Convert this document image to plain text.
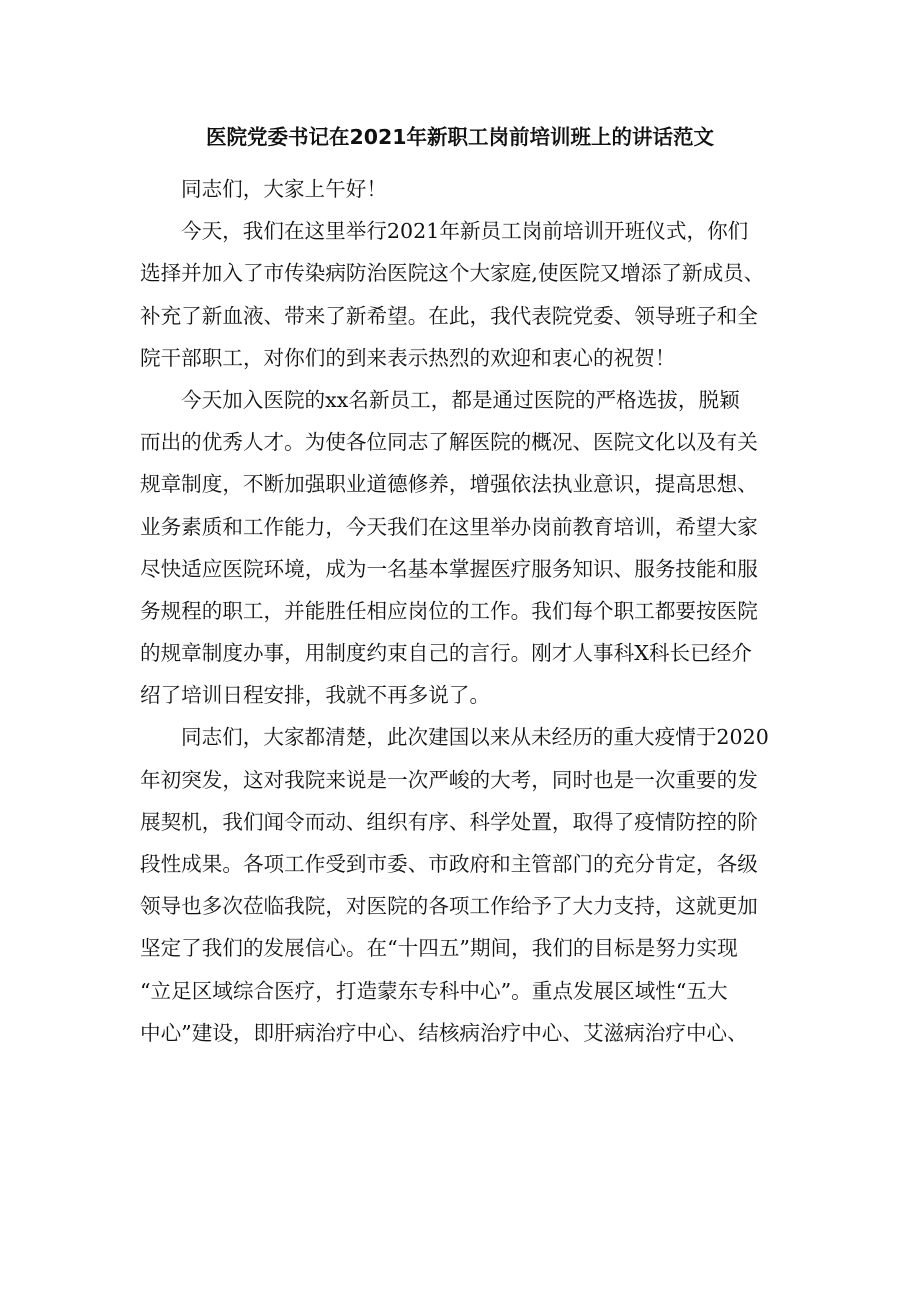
医院党委书记在2021年新职工岗前培训班上的讲话范文

同志们，大家上午好！

今天，我们在这里举行2021年新员工岗前培训开班仪式，你们
选择并加入了市传染病防治医院这个大家庭,使医院又增添了新成员、
补充了新血液、带来了新希望。在此，我代表院党委、领导班子和全
院干部职工，对你们的到来表示热烈的欢迎和衷心的祝贺！

今天加入医院的xx名新员工，都是通过医院的严格选拔，脱颖
而出的优秀人才。为使各位同志了解医院的概况、医院文化以及有关
规章制度，不断加强职业道德修养，增强依法执业意识，提高思想、
业务素质和工作能力，今天我们在这里举办岗前教育培训，希望大家
尽快适应医院环境，成为一名基本掌握医疗服务知识、服务技能和服
务规程的职工，并能胜任相应岗位的工作。我们每个职工都要按医院
的规章制度办事，用制度约束自己的言行。刚才人事科X科长已经介
绍了培训日程安排，我就不再多说了。

同志们，大家都清楚，此次建国以来从未经历的重大疫情于2020
年初突发，这对我院来说是一次严峻的大考，同时也是一次重要的发
展契机，我们闻令而动、组织有序、科学处置，取得了疫情防控的阶
段性成果。各项工作受到市委、市政府和主管部门的充分肯定，各级
领导也多次莅临我院，对医院的各项工作给予了大力支持，这就更加
坚定了我们的发展信心。在“十四五”期间，我们的目标是努力实现
“立足区域综合医疗，打造蒙东专科中心”。重点发展区域性“五大
中心”建设，即肝病治疗中心、结核病治疗中心、艾滋病治疗中心、
